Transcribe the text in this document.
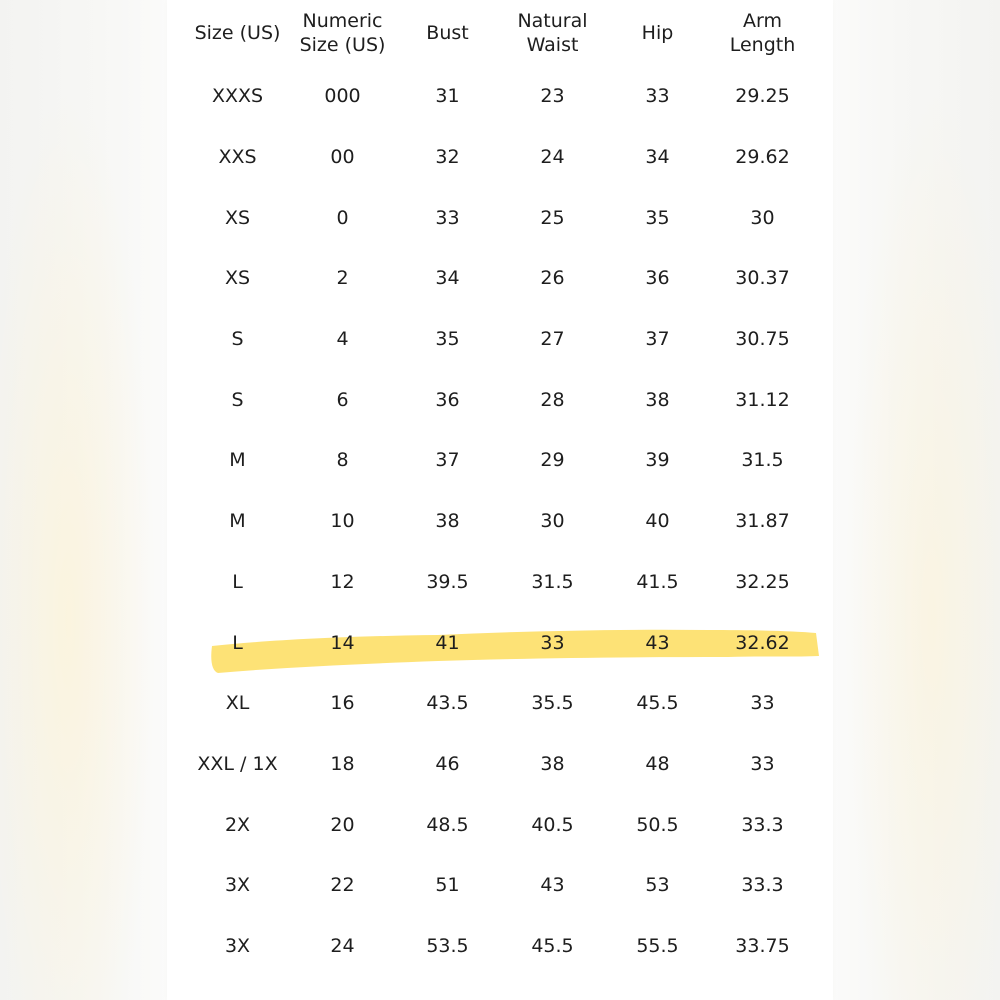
Size (US)	Numeric Size (US)	Bust	Natural Waist	Hip	Arm Length
XXXS	000	31	23	33	29.25
XXS	00	32	24	34	29.62
XS	0	33	25	35	30
XS	2	34	26	36	30.37
S	4	35	27	37	30.75
S	6	36	28	38	31.12
M	8	37	29	39	31.5
M	10	38	30	40	31.87
L	12	39.5	31.5	41.5	32.25
L	14	41	33	43	32.62
XL	16	43.5	35.5	45.5	33
XXL / 1X	18	46	38	48	33
2X	20	48.5	40.5	50.5	33.3
3X	22	51	43	53	33.3
3X	24	53.5	45.5	55.5	33.75
